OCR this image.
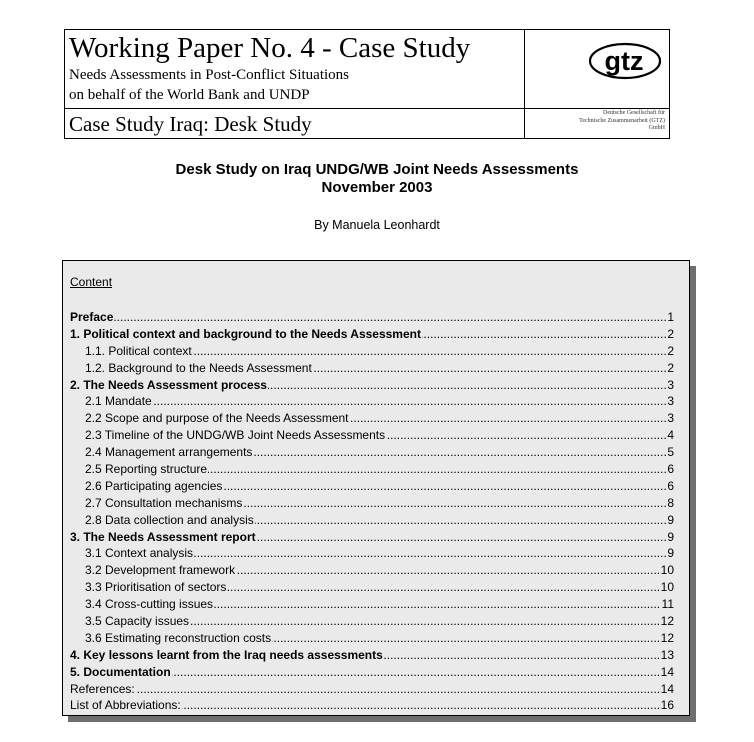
Working Paper No. 4 - Case Study
Needs Assessments in Post-Conflict Situations
on behalf of the World Bank and UNDP
Case Study Iraq: Desk Study
gtz
Deutsche Gesellschaft für
Technische Zusammenarbeit (GTZ)
GmbH
Desk Study on Iraq UNDG/WB Joint Needs Assessments
November 2003
By Manuela Leonhardt
Content
.....
Preface	1
.....
1. Political context and background to the Needs Assessment	2
.....
1.1. Political context	2
.....
1.2. Background to the Needs Assessment	2
.....
2. The Needs Assessment process	3
.....
2.1 Mandate	3
.....
2.2 Scope and purpose of the Needs Assessment	3
.....
2.3 Timeline of the UNDG/WB Joint Needs Assessments	4
.....
2.4 Management arrangements	5
.....
2.5 Reporting structure	6
.....
2.6 Participating agencies	6
.....
2.7 Consultation mechanisms	8
.....
2.8 Data collection and analysis	9
.....
3. The Needs Assessment report	9
.....
3.1 Context analysis	9
.....
3.2 Development framework	10
.....
3.3 Prioritisation of sectors	10
.....
3.4 Cross-cutting issues	11
.....
3.5 Capacity issues	12
.....
3.6 Estimating reconstruction costs	12
.....
4. Key lessons learnt from the Iraq needs assessments	13
.....
5. Documentation	14
.....
References:	14
.....
List of Abbreviations:	16
